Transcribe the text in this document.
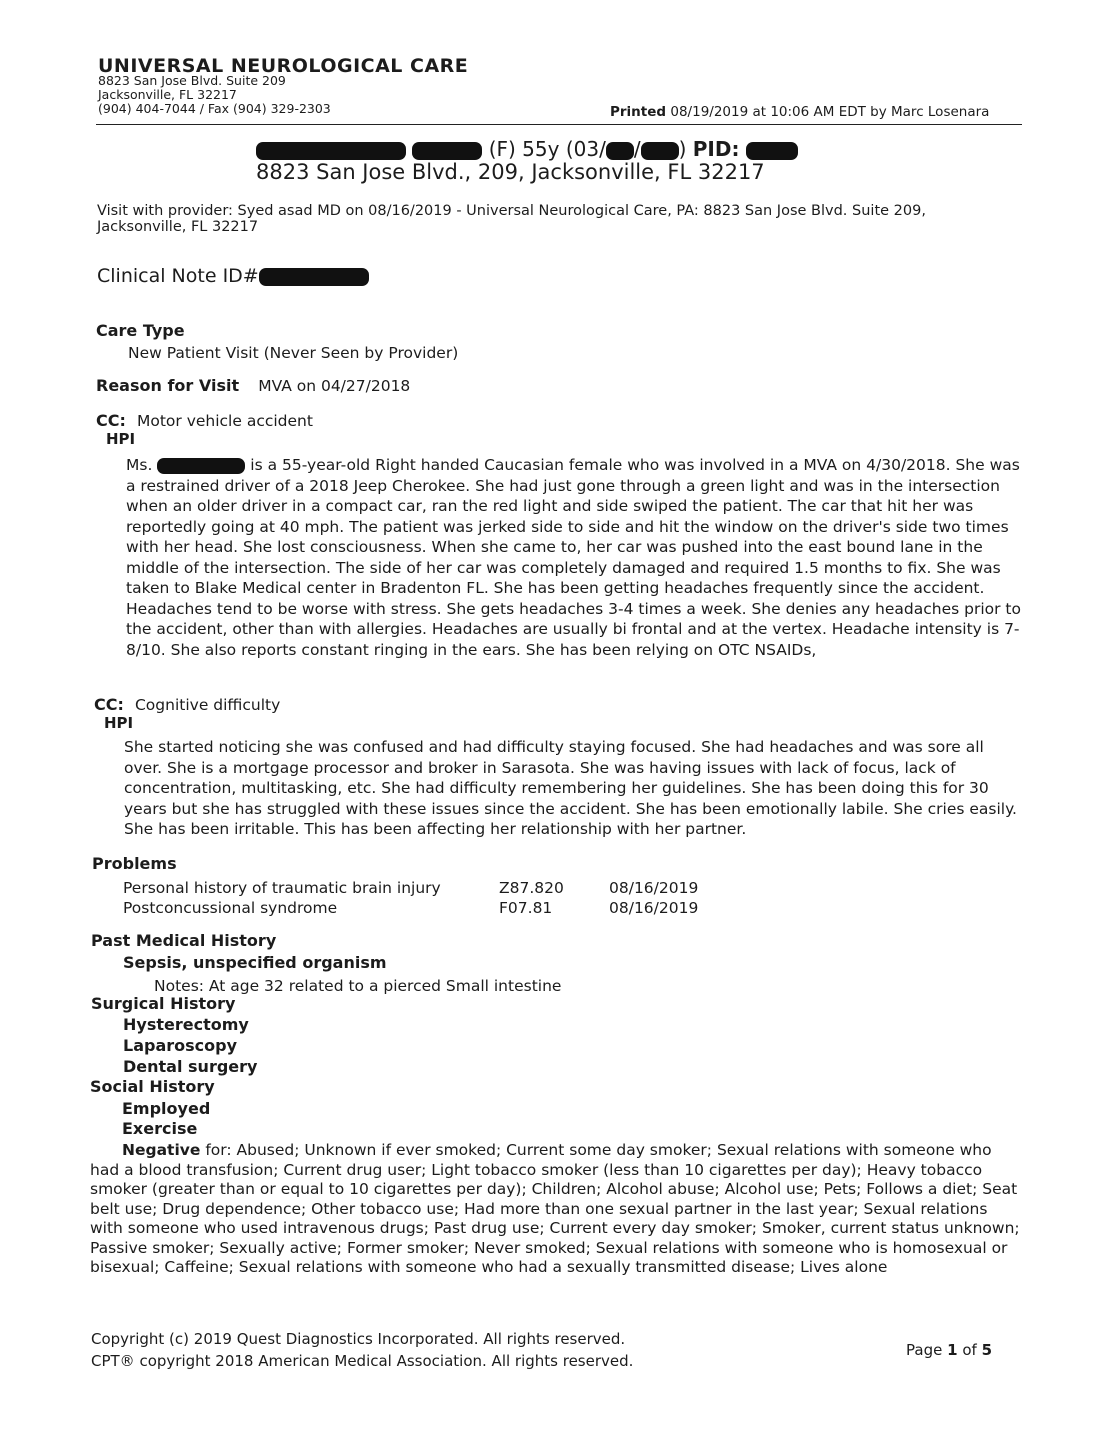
UNIVERSAL NEUROLOGICAL CARE
8823 San Jose Blvd. Suite 209
Jacksonville, FL 32217
(904) 404-7044 / Fax (904) 329-2303	Printed 08/19/2019 at 10:06 AM EDT by Marc Losenara
(F) 55y (03/ / ) PID:
8823 San Jose Blvd., 209, Jacksonville, FL 32217
Visit with provider: Syed asad MD on 08/16/2019 - Universal Neurological Care, PA: 8823 San Jose Blvd. Suite 209, Jacksonville, FL 32217
Clinical Note ID#
Care Type
New Patient Visit (Never Seen by Provider)
Reason for Visit MVA on 04/27/2018
CC: Motor vehicle accident
HPI
Ms.	is a 55-year-old Right handed Caucasian female who was involved in a MVA on 4/30/2018. She was a restrained driver of a 2018 Jeep Cherokee. She had just gone through a green light and was in the intersection when an older driver in a compact car, ran the red light and side swiped the patient. The car that hit her was reportedly going at 40 mph. The patient was jerked side to side and hit the window on the driver's side two times with her head. She lost consciousness. When she came to, her car was pushed into the east bound lane in the middle of the intersection. The side of her car was completely damaged and required 1.5 months to fix. She was taken to Blake Medical center in Bradenton FL. She has been getting headaches frequently since the accident. Headaches tend to be worse with stress. She gets headaches 3-4 times a week. She denies any headaches prior to the accident, other than with allergies. Headaches are usually bi frontal and at the vertex. Headache intensity is 7-8/10. She also reports constant ringing in the ears. She has been relying on OTC NSAIDs,
CC: Cognitive difficulty
HPI
She started noticing she was confused and had difficulty staying focused. She had headaches and was sore all over. She is a mortgage processor and broker in Sarasota. She was having issues with lack of focus, lack of concentration, multitasking, etc. She had difficulty remembering her guidelines. She has been doing this for 30 years but she has struggled with these issues since the accident. She has been emotionally labile. She cries easily. She has been irritable. This has been affecting her relationship with her partner.
Problems
Personal history of traumatic brain injury	Z87.820	08/16/2019
Postconcussional syndrome	F07.81	08/16/2019
Past Medical History
Sepsis, unspecified organism
Notes: At age 32 related to a pierced Small intestine
Surgical History
Hysterectomy
Laparoscopy
Dental surgery
Social History
Employed
Exercise
Negative for: Abused; Unknown if ever smoked; Current some day smoker; Sexual relations with someone who had a blood transfusion; Current drug user; Light tobacco smoker (less than 10 cigarettes per day); Heavy tobacco smoker (greater than or equal to 10 cigarettes per day); Children; Alcohol abuse; Alcohol use; Pets; Follows a diet; Seat belt use; Drug dependence; Other tobacco use; Had more than one sexual partner in the last year; Sexual relations with someone who used intravenous drugs; Past drug use; Current every day smoker; Smoker, current status unknown; Passive smoker; Sexually active; Former smoker; Never smoked; Sexual relations with someone who is homosexual or bisexual; Caffeine; Sexual relations with someone who had a sexually transmitted disease; Lives alone
Copyright (c) 2019 Quest Diagnostics Incorporated. All rights reserved.
CPT® copyright 2018 American Medical Association. All rights reserved.
Page 1 of 5
